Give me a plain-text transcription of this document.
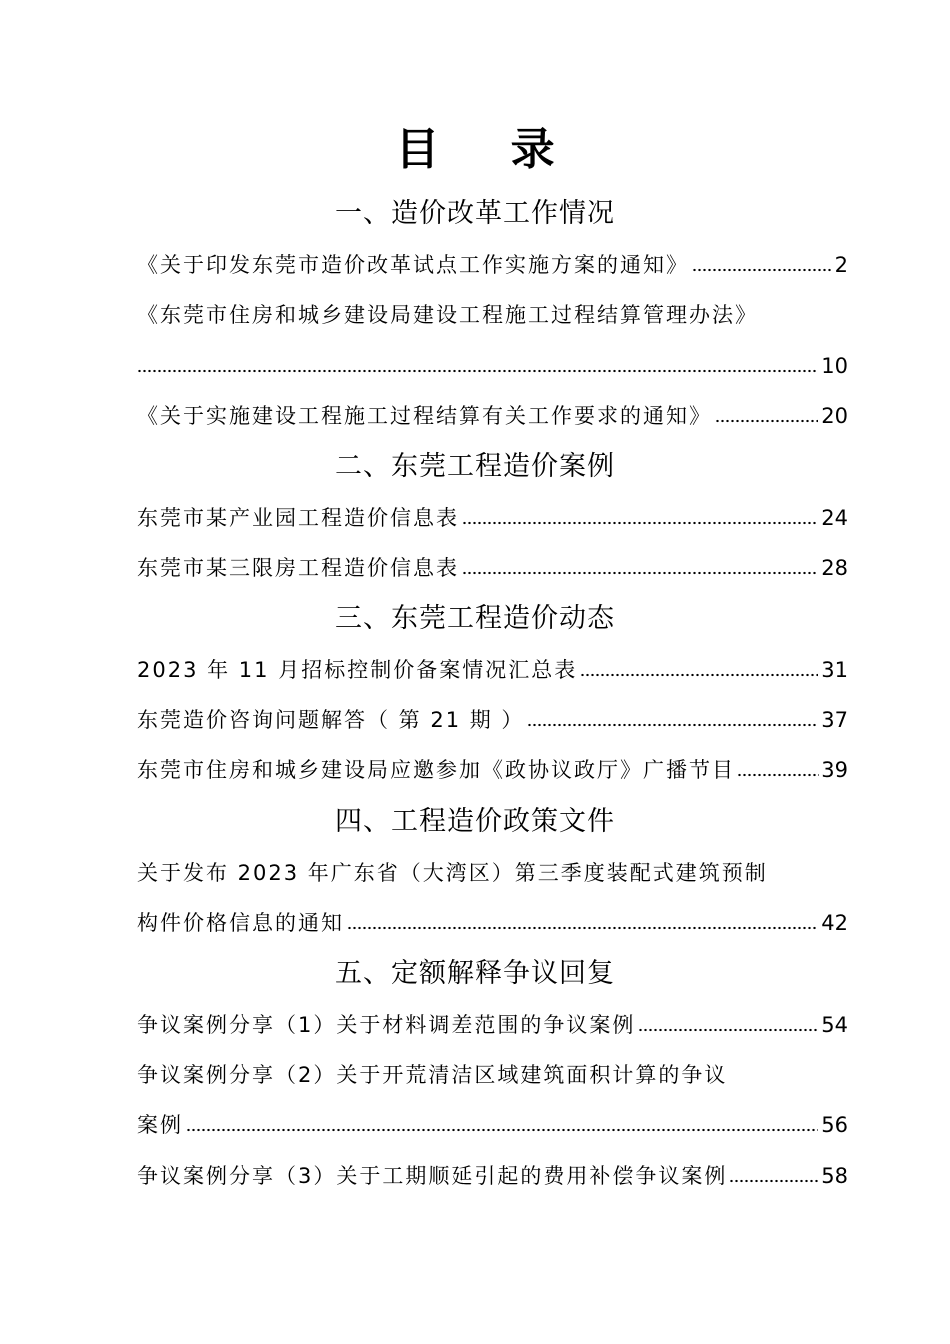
目 录
一、造价改革工作情况
《关于印发东莞市造价改革试点工作实施方案的通知》	2
《东莞市住房和城乡建设局建设工程施工过程结算管理办法》
10
《关于实施建设工程施工过程结算有关工作要求的通知》	20
二、东莞工程造价案例
东莞市某产业园工程造价信息表	24
东莞市某三限房工程造价信息表	28
三、东莞工程造价动态
2023 年 11 月招标控制价备案情况汇总表	31
东莞造价咨询问题解答（ 第 21 期 ）	37
东莞市住房和城乡建设局应邀参加《政协议政厅》广播节目	39
四、工程造价政策文件
关于发布 2023 年广东省（大湾区）第三季度装配式建筑预制
构件价格信息的通知	42
五、定额解释争议回复
争议案例分享（1）关于材料调差范围的争议案例	54
争议案例分享（2）关于开荒清洁区域建筑面积计算的争议
案例	56
争议案例分享（3）关于工期顺延引起的费用补偿争议案例	58
